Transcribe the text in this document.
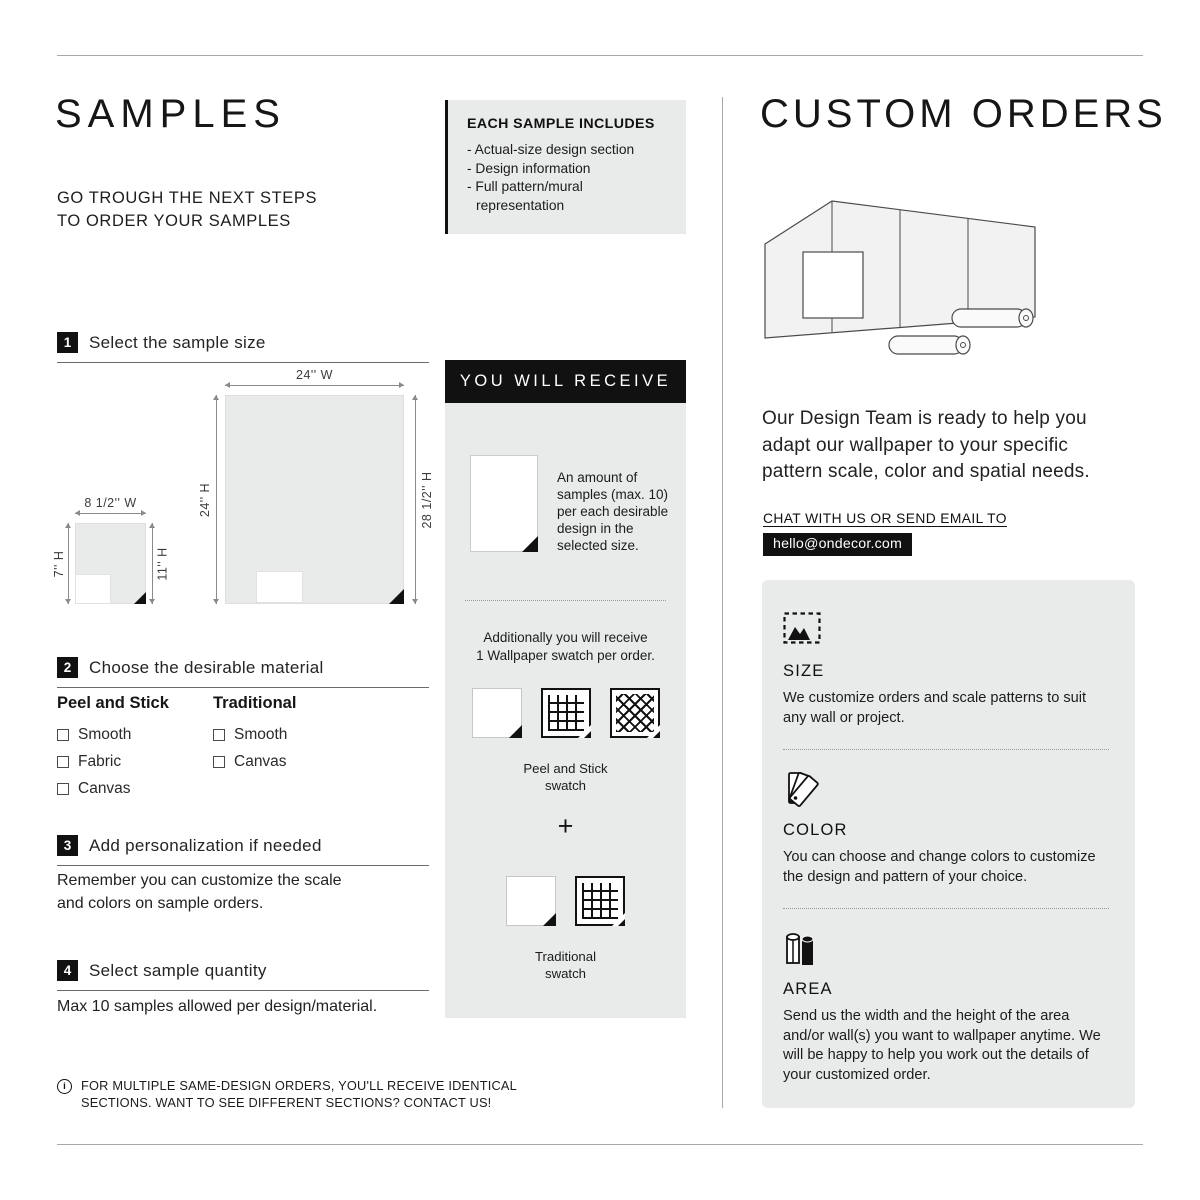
SAMPLES
GO TROUGH THE NEXT STEPS
TO ORDER YOUR SAMPLES
1	Select the sample size
24'' W
24'' H	28 1/2'' H
8 1/2'' W
7'' H	11'' H
2	Choose the desirable material
Peel and Stick
Smooth
Fabric
Canvas
Traditional
Smooth
Canvas
3	Add personalization if needed
Remember you can customize the scale
and colors on sample orders.
4	Select sample quantity
Max 10 samples allowed per design/material.
i FOR MULTIPLE SAME-DESIGN ORDERS, YOU'LL RECEIVE IDENTICAL
SECTIONS. WANT TO SEE DIFFERENT SECTIONS? CONTACT US!
EACH SAMPLE INCLUDES
- Actual-size design section
- Design information
- Full pattern/mural representation
YOU WILL RECEIVE
An amount of samples (max. 10) per each desirable design in the selected size.
Additionally you will receive
1 Wallpaper swatch per order.
Peel and Stick
swatch
+
Traditional
swatch
CUSTOM ORDERS
Our Design Team is ready to help you adapt our wallpaper to your specific pattern scale, color and spatial needs.
CHAT WITH US OR SEND EMAIL TO
hello@ondecor.com
SIZE
We customize orders and scale patterns to suit any wall or project.
COLOR
You can choose and change colors to customize the design and pattern of your choice.
AREA
Send us the width and the height of the area and/or wall(s) you want to wallpaper anytime. We will be happy to help you work out the details of your customized order.
